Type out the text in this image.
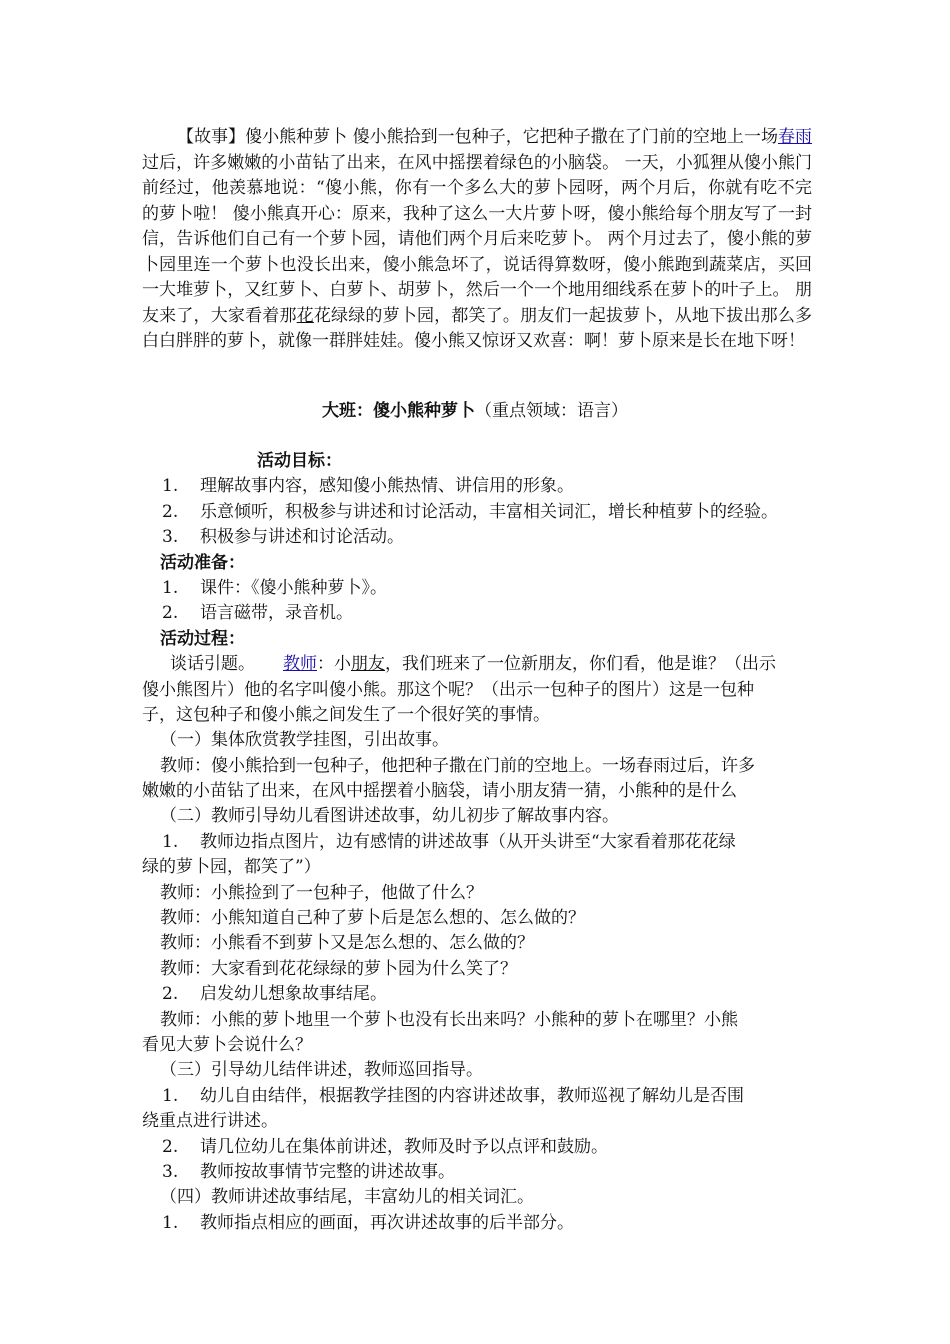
【故事】傻小熊种萝卜 傻小熊拾到一包种子，它把种子撒在了门前的空地上一场春雨过后，许多嫩嫩的小苗钻了出来，在风中摇摆着绿色的小脑袋。 一天，小狐狸从傻小熊门前经过，他羡慕地说：“傻小熊，你有一个多么大的萝卜园呀，两个月后，你就有吃不完的萝卜啦！ 傻小熊真开心：原来，我种了这么一大片萝卜呀，傻小熊给每个朋友写了一封信，告诉他们自己有一个萝卜园，请他们两个月后来吃萝卜。 两个月过去了，傻小熊的萝卜园里连一个萝卜也没长出来，傻小熊急坏了，说话得算数呀，傻小熊跑到蔬菜店，买回一大堆萝卜，又红萝卜、白萝卜、胡萝卜，然后一个一个地用细线系在萝卜的叶子上。 朋友来了，大家看着那花花绿绿的萝卜园，都笑了。朋友们一起拔萝卜，从地下拔出那么多白白胖胖的萝卜，就像一群胖娃娃。傻小熊又惊讶又欢喜：啊！萝卜原来是长在地下呀！

大班：傻小熊种萝卜（重点领域：语言）

活动目标：

1. 理解故事内容，感知傻小熊热情、讲信用的形象。

2. 乐意倾听，积极参与讲述和讨论活动，丰富相关词汇，增长种植萝卜的经验。

3. 积极参与讲述和讨论活动。

活动准备：

1. 课件：《傻小熊种萝卜》。

2. 语言磁带，录音机。

活动过程：

谈话引题。 教师：小朋友，我们班来了一位新朋友，你们看，他是谁？（出示

傻小熊图片）他的名字叫傻小熊。那这个呢？（出示一包种子的图片）这是一包种

子，这包种子和傻小熊之间发生了一个很好笑的事情。

（一）集体欣赏教学挂图，引出故事。

教师：傻小熊拾到一包种子，他把种子撒在门前的空地上。一场春雨过后，许多

嫩嫩的小苗钻了出来，在风中摇摆着小脑袋，请小朋友猜一猜，小熊种的是什么

（二）教师引导幼儿看图讲述故事，幼儿初步了解故事内容。

1. 教师边指点图片，边有感情的讲述故事（从开头讲至“大家看着那花花绿

绿的萝卜园，都笑了”）

教师：小熊捡到了一包种子，他做了什么？

教师：小熊知道自己种了萝卜后是怎么想的、怎么做的？

教师：小熊看不到萝卜又是怎么想的、怎么做的？

教师：大家看到花花绿绿的萝卜园为什么笑了？

2. 启发幼儿想象故事结尾。

教师：小熊的萝卜地里一个萝卜也没有长出来吗？小熊种的萝卜在哪里？小熊

看见大萝卜会说什么？

（三）引导幼儿结伴讲述，教师巡回指导。

1. 幼儿自由结伴，根据教学挂图的内容讲述故事，教师巡视了解幼儿是否围

绕重点进行讲述。

2. 请几位幼儿在集体前讲述，教师及时予以点评和鼓励。

3. 教师按故事情节完整的讲述故事。

（四）教师讲述故事结尾，丰富幼儿的相关词汇。

1. 教师指点相应的画面，再次讲述故事的后半部分。
